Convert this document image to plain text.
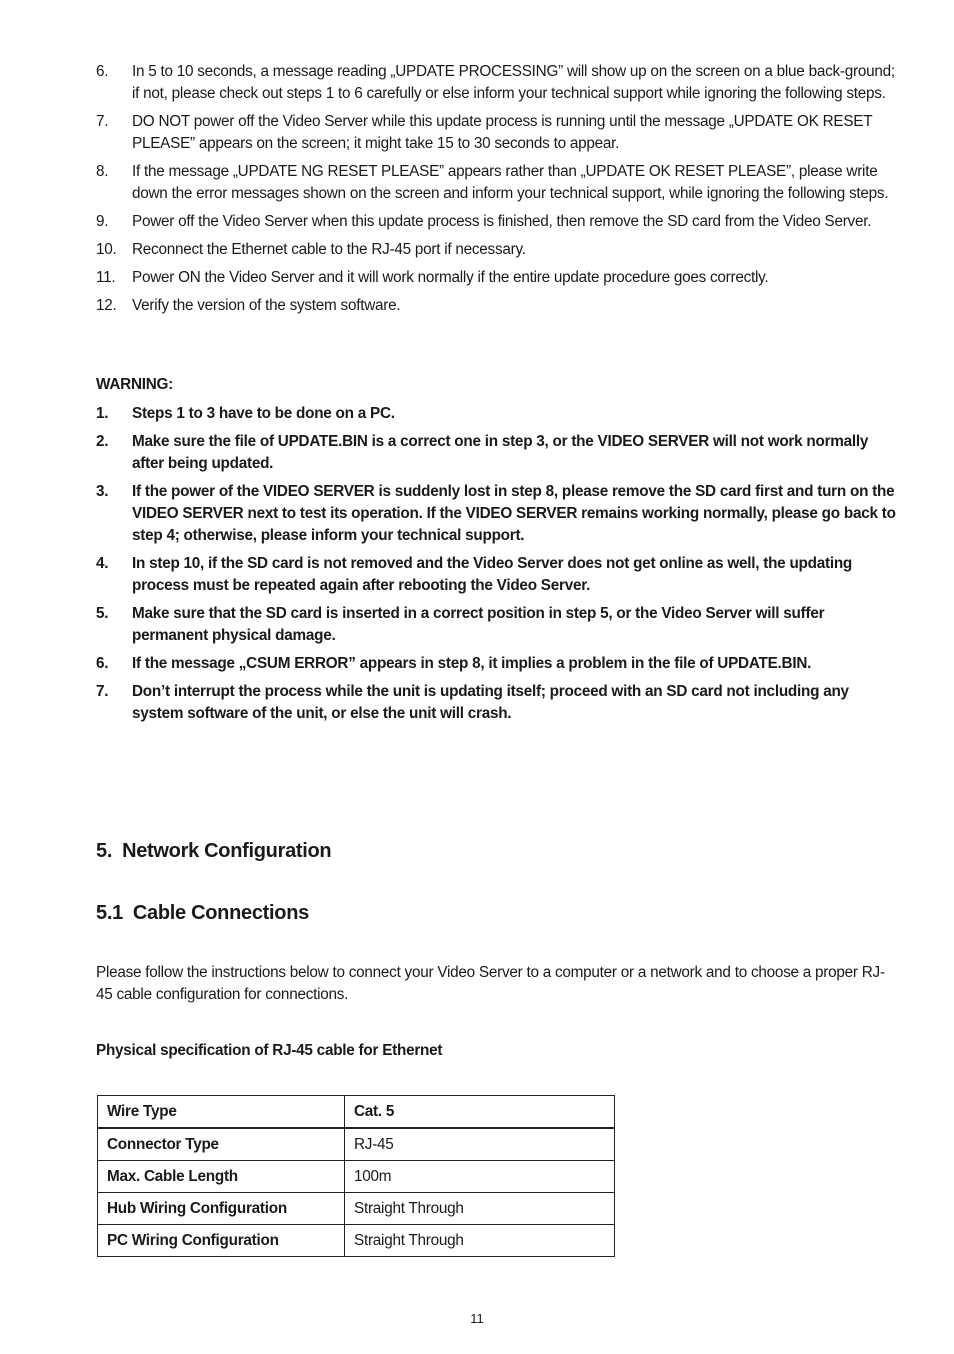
6.	In 5 to 10 seconds, a message reading „UPDATE PROCESSING” will show up on the screen on a blue back-ground; if not, please check out steps 1 to 6 carefully or else inform your technical support while ignoring the following steps.
7.	DO NOT power off the Video Server while this update process is running until the message „UPDATE OK RESET PLEASE” appears on the screen; it might take 15 to 30 seconds to appear.
8.	If the message „UPDATE NG RESET PLEASE” appears rather than „UPDATE OK RESET PLEASE”, please write down the error messages shown on the screen and inform your technical support, while ignoring the following steps.
9.	Power off the Video Server when this update process is finished, then remove the SD card from the Video Server.
10.	Reconnect the Ethernet cable to the RJ-45 port if necessary.
11.	Power ON the Video Server and it will work normally if the entire update procedure goes correctly.
12.	Verify the version of the system software.
WARNING:
1.	Steps 1 to 3 have to be done on a PC.
2.	Make sure the file of UPDATE.BIN is a correct one in step 3, or the VIDEO SERVER will not work normally after being updated.
3.	If the power of the VIDEO SERVER is suddenly lost in step 8, please remove the SD card first and turn on the VIDEO SERVER next to test its operation. If the VIDEO SERVER remains working normally, please go back to step 4; otherwise, please inform your technical support.
4.	In step 10, if the SD card is not removed and the Video Server does not get online as well, the updating process must be repeated again after rebooting the Video Server.
5.	Make sure that the SD card is inserted in a correct position in step 5, or the Video Server will suffer permanent physical damage.
6.	If the message „CSUM ERROR” appears in step 8, it implies a problem in the file of UPDATE.BIN.
7.	Don’t interrupt the process while the unit is updating itself; proceed with an SD card not including any system software of the unit, or else the unit will crash.
5. Network Configuration
5.1 Cable Connections

Please follow the instructions below to connect your Video Server to a computer or a network and to choose a proper RJ-45 cable configuration for connections.

Physical specification of RJ-45 cable for Ethernet
Wire Type	Cat. 5
Connector Type	RJ-45
Max. Cable Length	100m
Hub Wiring Configuration	Straight Through
PC Wiring Configuration	Straight Through
11
